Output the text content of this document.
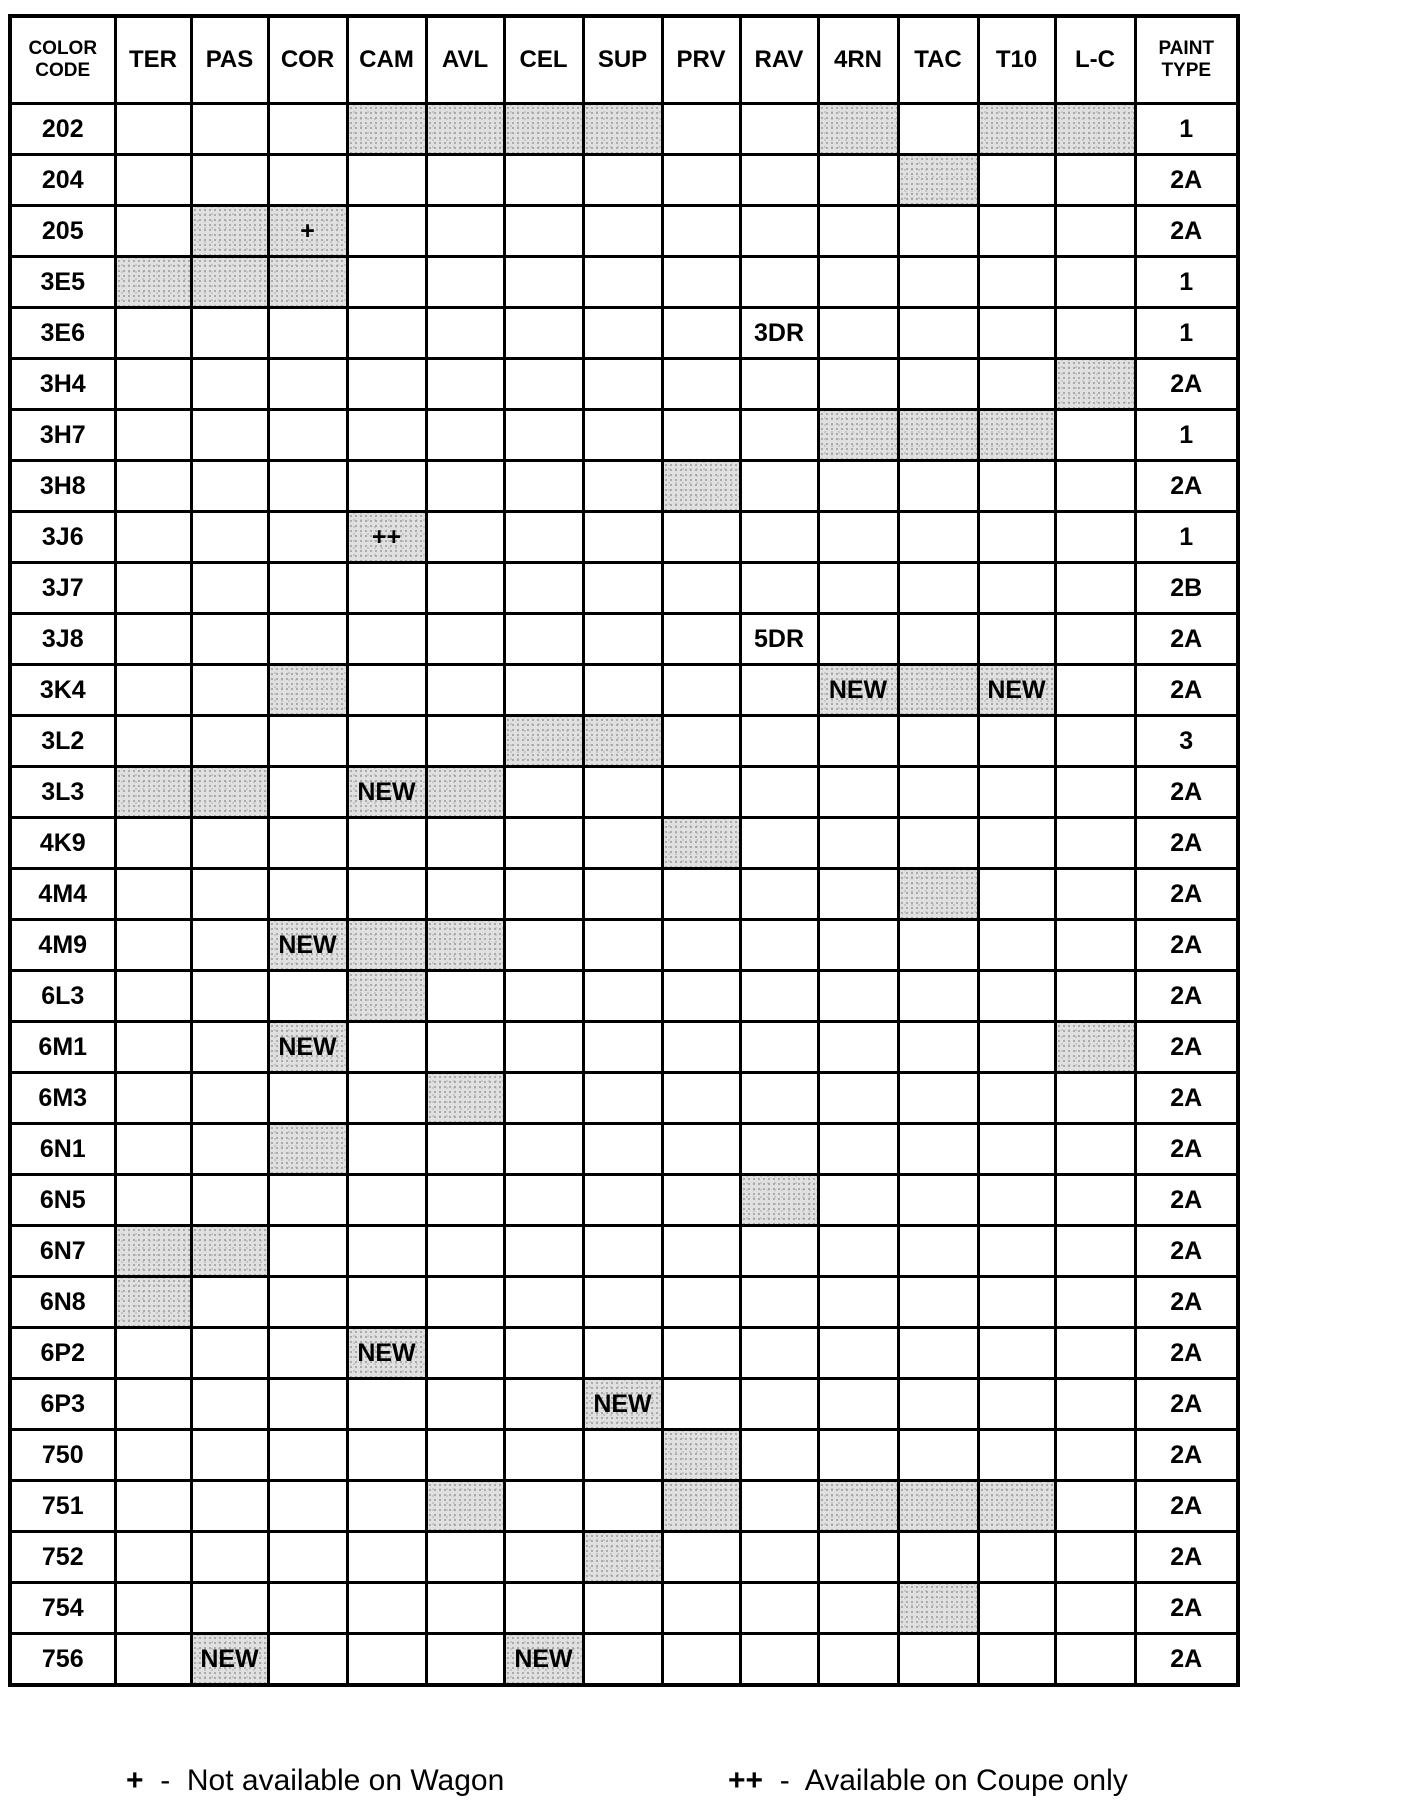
COLOR CODE	TER	PAS	COR	CAM	AVL	CEL	SUP	PRV	RAV	4RN	TAC	T10	L-C	PAINT TYPE
202														1
204														2A
205			+											2A
3E5														1
3E6									3DR					1
3H4														2A
3H7														1
3H8														2A
3J6				++										1
3J7														2B
3J8									5DR					2A
3K4										NEW		NEW		2A
3L2														3
3L3				NEW										2A
4K9														2A
4M4														2A
4M9			NEW											2A
6L3														2A
6M1			NEW											2A
6M3														2A
6N1														2A
6N5														2A
6N7														2A
6N8														2A
6P2				NEW										2A
6P3							NEW							2A
750														2A
751														2A
752														2A
754														2A
756		NEW				NEW								2A
+ -  Not available on Wagon	++ -  Available on Coupe only
